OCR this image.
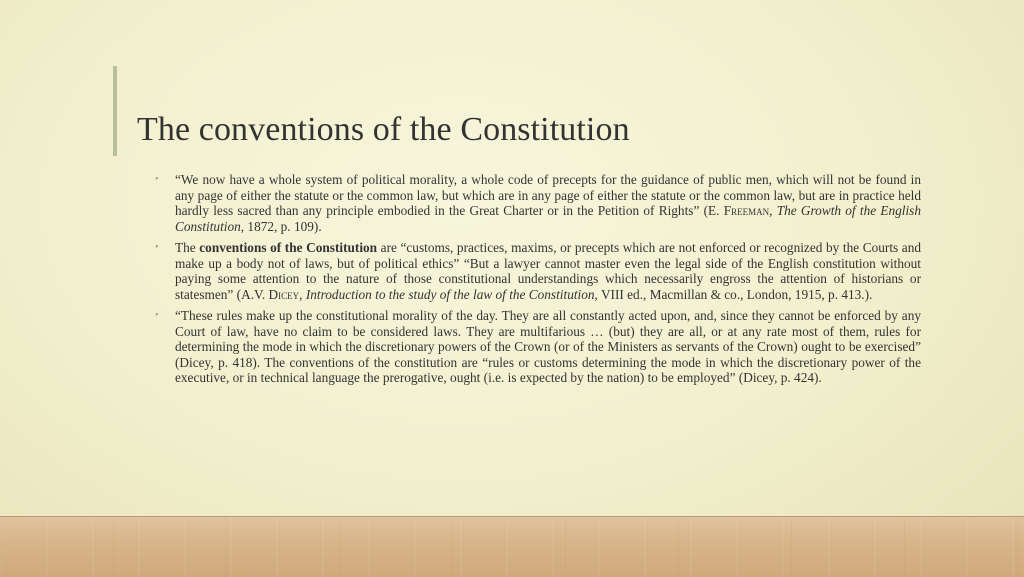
The conventions of the Constitution
• “We now have a whole system of political morality, a whole code of precepts for the guidance of public men, which will not be found in any page of either the statute or the common law, but which are in any page of either the statute or the common law, but are in practice held hardly less sacred than any principle embodied in the Great Charter or in the Petition of Rights” (E. Freeman, The Growth of the English Constitution, 1872, p. 109).
• The conventions of the Constitution are “customs, practices, maxims, or precepts which are not enforced or recognized by the Courts and make up a body not of laws, but of political ethics” “But a lawyer cannot master even the legal side of the English constitution without paying some attention to the nature of those constitutional understandings which necessarily engross the attention of historians or statesmen” (A.V. Dicey, Introduction to the study of the law of the Constitution, VIII ed., Macmillan & co., London, 1915, p. 413.).
• “These rules make up the constitutional morality of the day. They are all constantly acted upon, and, since they cannot be enforced by any Court of law, have no claim to be considered laws. They are multifarious … (but) they are all, or at any rate most of them, rules for determining the mode in which the discretionary powers of the Crown (or of the Ministers as servants of the Crown) ought to be exercised” (Dicey, p. 418). The conventions of the constitution are “rules or customs determining the mode in which the discretionary power of the executive, or in technical language the prerogative, ought (i.e. is expected by the nation) to be employed” (Dicey, p. 424).
